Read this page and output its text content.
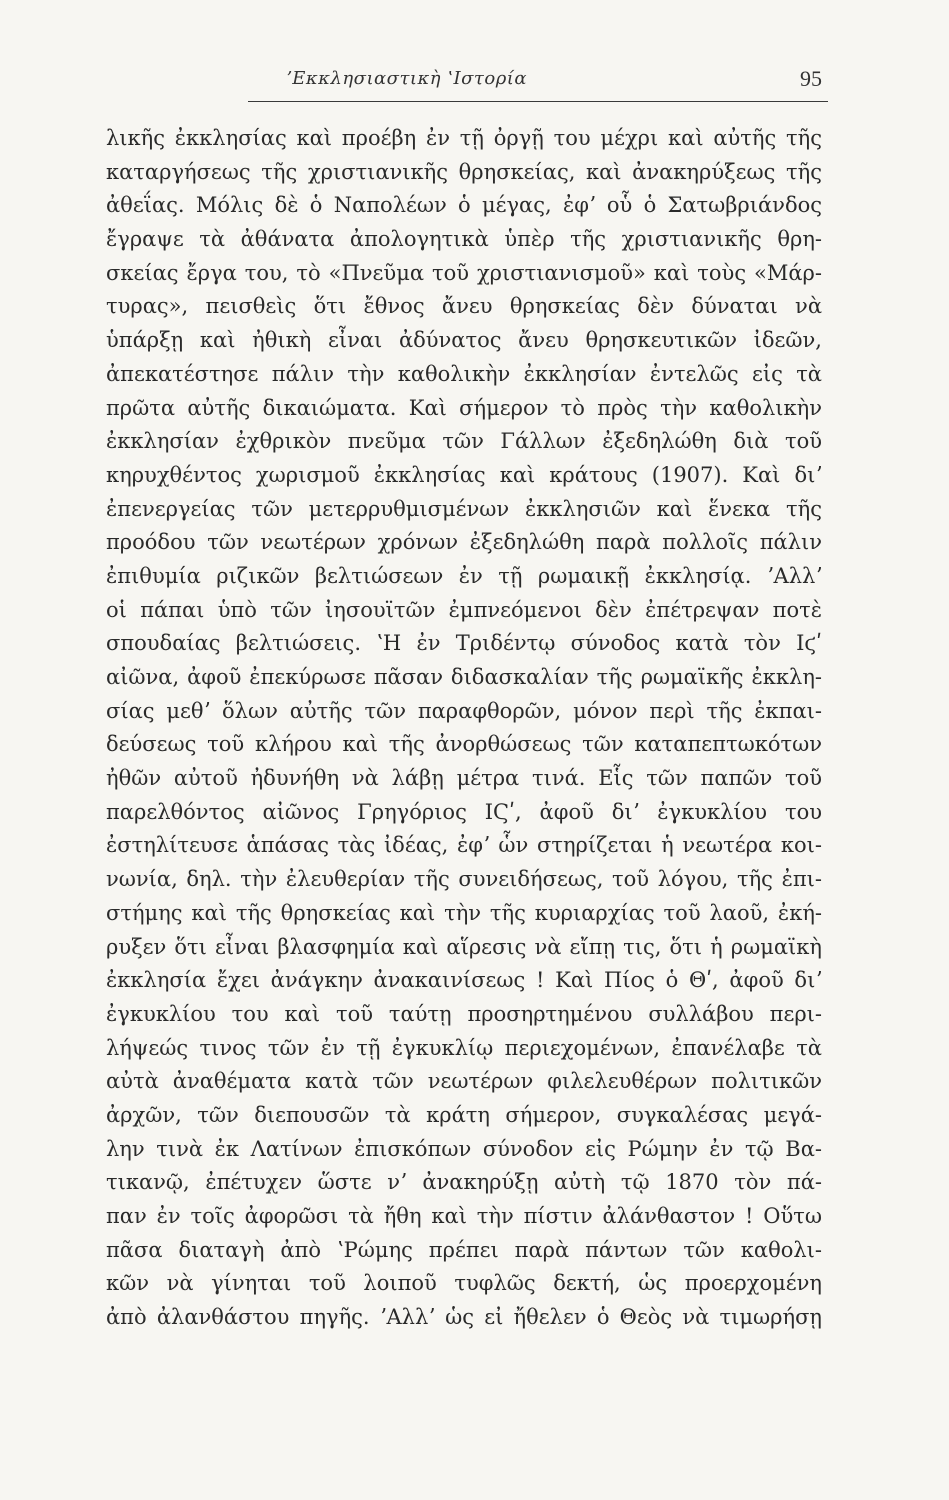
ʼΕκκλησιαστικὴ ʽΙστορία	95
λικῆς ἐκκλησίας καὶ προέβη ἐν τῇ ὀργῇ του μέχρι καὶ αὐτῆς τῆς
καταργήσεως τῆς χριστιανικῆς θρησκείας, καὶ ἀνακηρύξεως τῆς
ἀθεΐας. Μόλις δὲ ὁ Ναπολέων ὁ μέγας, ἐφʼ οὗ ὁ Σατωβριάνδος
ἔγραψε τὰ ἀθάνατα ἀπολογητικὰ ὑπὲρ τῆς χριστιανικῆς θρη-
σκείας ἔργα του, τὸ «Πνεῦμα τοῦ χριστιανισμοῦ» καὶ τοὺς «Μάρ-
τυρας», πεισθεὶς ὅτι ἔθνος ἄνευ θρησκείας δὲν δύναται νὰ
ὑπάρξῃ καὶ ἠθικὴ εἶναι ἀδύνατος ἄνευ θρησκευτικῶν ἰδεῶν,
ἀπεκατέστησε πάλιν τὴν καθολικὴν ἐκκλησίαν ἐντελῶς εἰς τὰ
πρῶτα αὐτῆς δικαιώματα. Καὶ σήμερον τὸ πρὸς τὴν καθολικὴν
ἐκκλησίαν ἐχθρικὸν πνεῦμα τῶν Γάλλων ἐξεδηλώθη διὰ τοῦ
κηρυχθέντος χωρισμοῦ ἐκκλησίας καὶ κράτους (1907). Καὶ διʼ
ἐπενεργείας τῶν μετερρυθμισμένων ἐκκλησιῶν καὶ ἕνεκα τῆς
προόδου τῶν νεωτέρων χρόνων ἐξεδηλώθη παρὰ πολλοῖς πάλιν
ἐπιθυμία ριζικῶν βελτιώσεων ἐν τῇ ρωμαικῇ ἐκκλησίᾳ. ʼΑλλʼ
οἱ πάπαι ὑπὸ τῶν ἰησουϊτῶν ἐμπνεόμενοι δὲν ἐπέτρεψαν ποτὲ
σπουδαίας βελτιώσεις. ʽΗ ἐν Τριδέντῳ σύνοδος κατὰ τὸν Ιϛʹ
αἰῶνα, ἀφοῦ ἐπεκύρωσε πᾶσαν διδασκαλίαν τῆς ρωμαϊκῆς ἐκκλη-
σίας μεθʼ ὅλων αὐτῆς τῶν παραφθορῶν, μόνον περὶ τῆς ἐκπαι-
δεύσεως τοῦ κλήρου καὶ τῆς ἀνορθώσεως τῶν καταπεπτωκότων
ἠθῶν αὐτοῦ ἠδυνήθη νὰ λάβῃ μέτρα τινά. Εἷς τῶν παπῶν τοῦ
παρελθόντος αἰῶνος Γρηγόριος ΙϚʹ, ἀφοῦ διʼ ἐγκυκλίου του
ἐστηλίτευσε ἁπάσας τὰς ἰδέας, ἐφʼ ὧν στηρίζεται ἡ νεωτέρα κοι-
νωνία, δηλ. τὴν ἐλευθερίαν τῆς συνειδήσεως, τοῦ λόγου, τῆς ἐπι-
στήμης καὶ τῆς θρησκείας καὶ τὴν τῆς κυριαρχίας τοῦ λαοῦ, ἐκή-
ρυξεν ὅτι εἶναι βλασφημία καὶ αἵρεσις νὰ εἴπῃ τις, ὅτι ἡ ρωμαϊκὴ
ἐκκλησία ἔχει ἀνάγκην ἀνακαινίσεως ! Καὶ Πίος ὁ Θʹ, ἀφοῦ διʼ
ἐγκυκλίου του καὶ τοῦ ταύτῃ προσηρτημένου συλλάβου περι-
λήψεώς τινος τῶν ἐν τῇ ἐγκυκλίῳ περιεχομένων, ἐπανέλαβε τὰ
αὐτὰ ἀναθέματα κατὰ τῶν νεωτέρων φιλελευθέρων πολιτικῶν
ἀρχῶν, τῶν διεπουσῶν τὰ κράτη σήμερον, συγκαλέσας μεγά-
λην τινὰ ἐκ Λατίνων ἐπισκόπων σύνοδον εἰς Ρώμην ἐν τῷ Βα-
τικανῷ, ἐπέτυχεν ὥστε νʼ ἀνακηρύξῃ αὐτὴ τῷ 1870 τὸν πά-
παν ἐν τοῖς ἀφορῶσι τὰ ἤθη καὶ τὴν πίστιν ἀλάνθαστον ! Οὕτω
πᾶσα διαταγὴ ἀπὸ ʽΡώμης πρέπει παρὰ πάντων τῶν καθολι-
κῶν νὰ γίνηται τοῦ λοιποῦ τυφλῶς δεκτή, ὡς προερχομένη
ἀπὸ ἀλανθάστου πηγῆς. ʼΑλλʼ ὡς εἰ ἤθελεν ὁ Θεὸς νὰ τιμωρήσῃ
